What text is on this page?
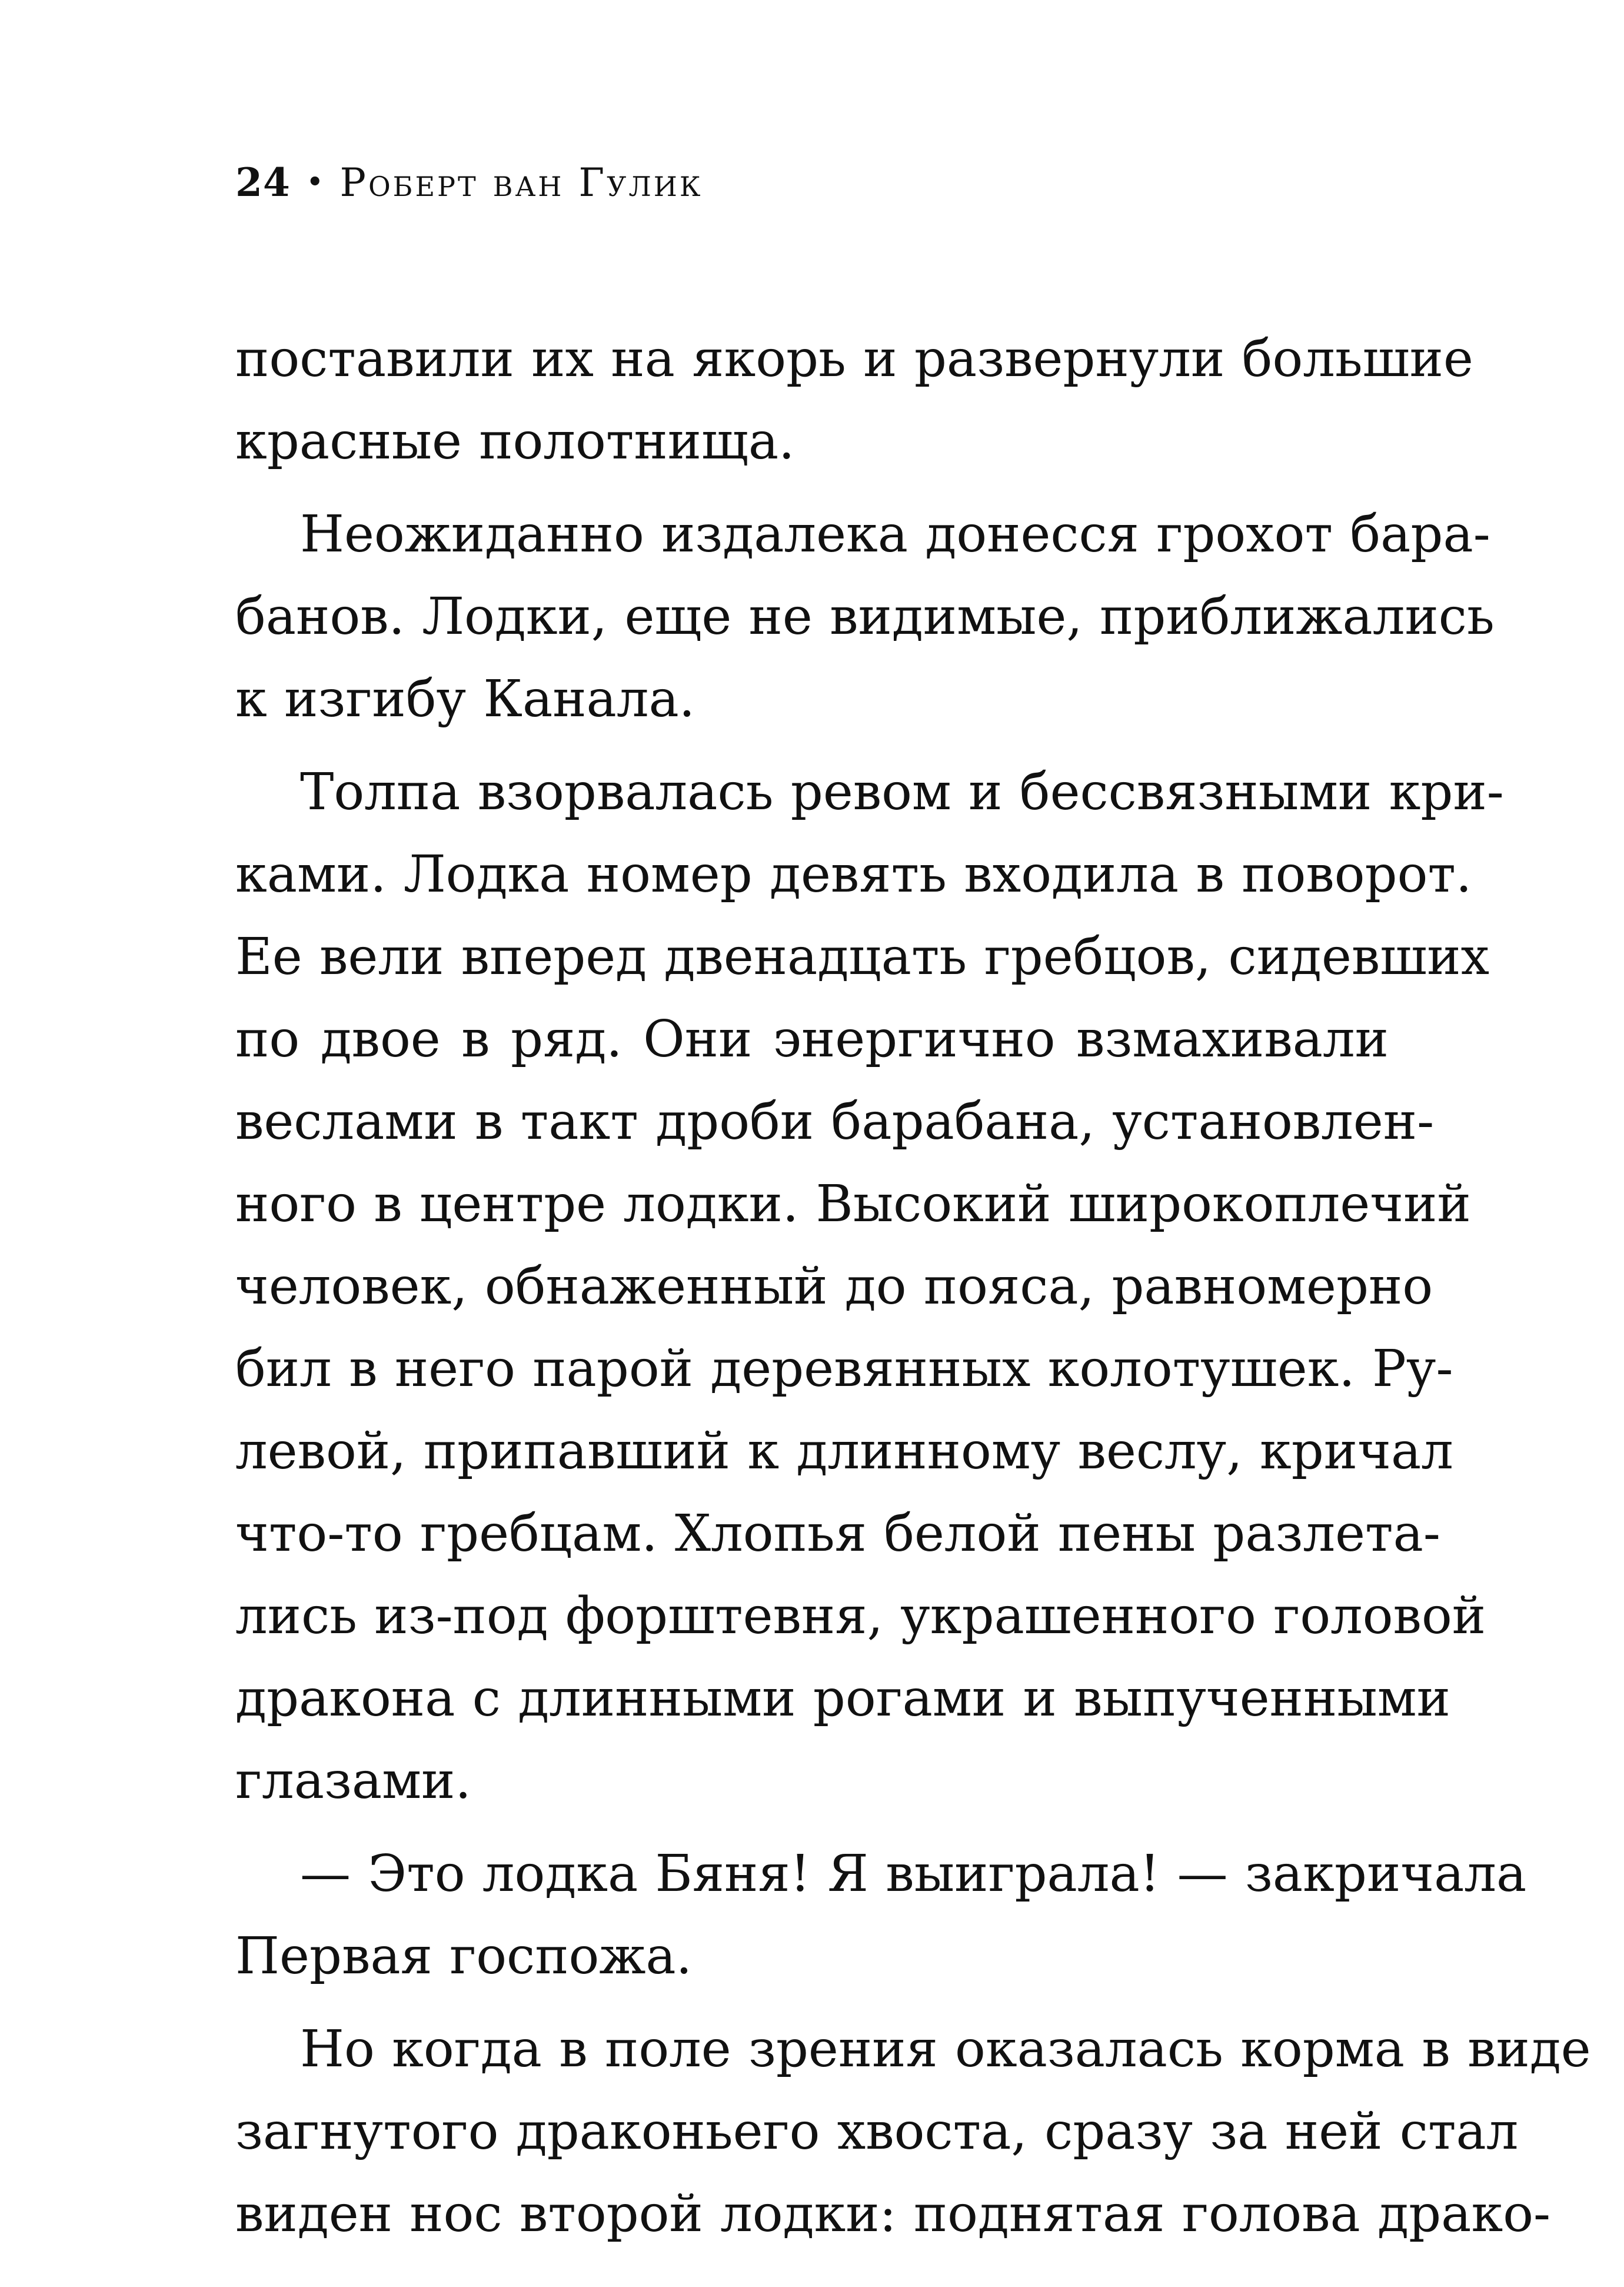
24 • Роберт ван Гулик
поставили их на якорь и развернули большие
красные полотнища.
Неожиданно издалека донесся грохот бара-
банов. Лодки, еще не видимые, приближались
к изгибу Канала.
Толпа взорвалась ревом и бессвязными кри-
ками. Лодка номер девять входила в поворот.
Ее вели вперед двенадцать гребцов, сидевших
по двое в ряд. Они энергично взмахивали
веслами в такт дроби барабана, установлен-
ного в центре лодки. Высокий широкоплечий
человек, обнаженный до пояса, равномерно
бил в него парой деревянных колотушек. Ру-
левой, припавший к длинному веслу, кричал
что-то гребцам. Хлопья белой пены разлета-
лись из-под форштевня, украшенного головой
дракона с длинными рогами и выпученными
глазами.
— Это лодка Бяня! Я выиграла! — закричала
Первая госпожа.
Но когда в поле зрения оказалась корма в виде
загнутого драконьего хвоста, сразу за ней стал
виден нос второй лодки: поднятая голова драко-
